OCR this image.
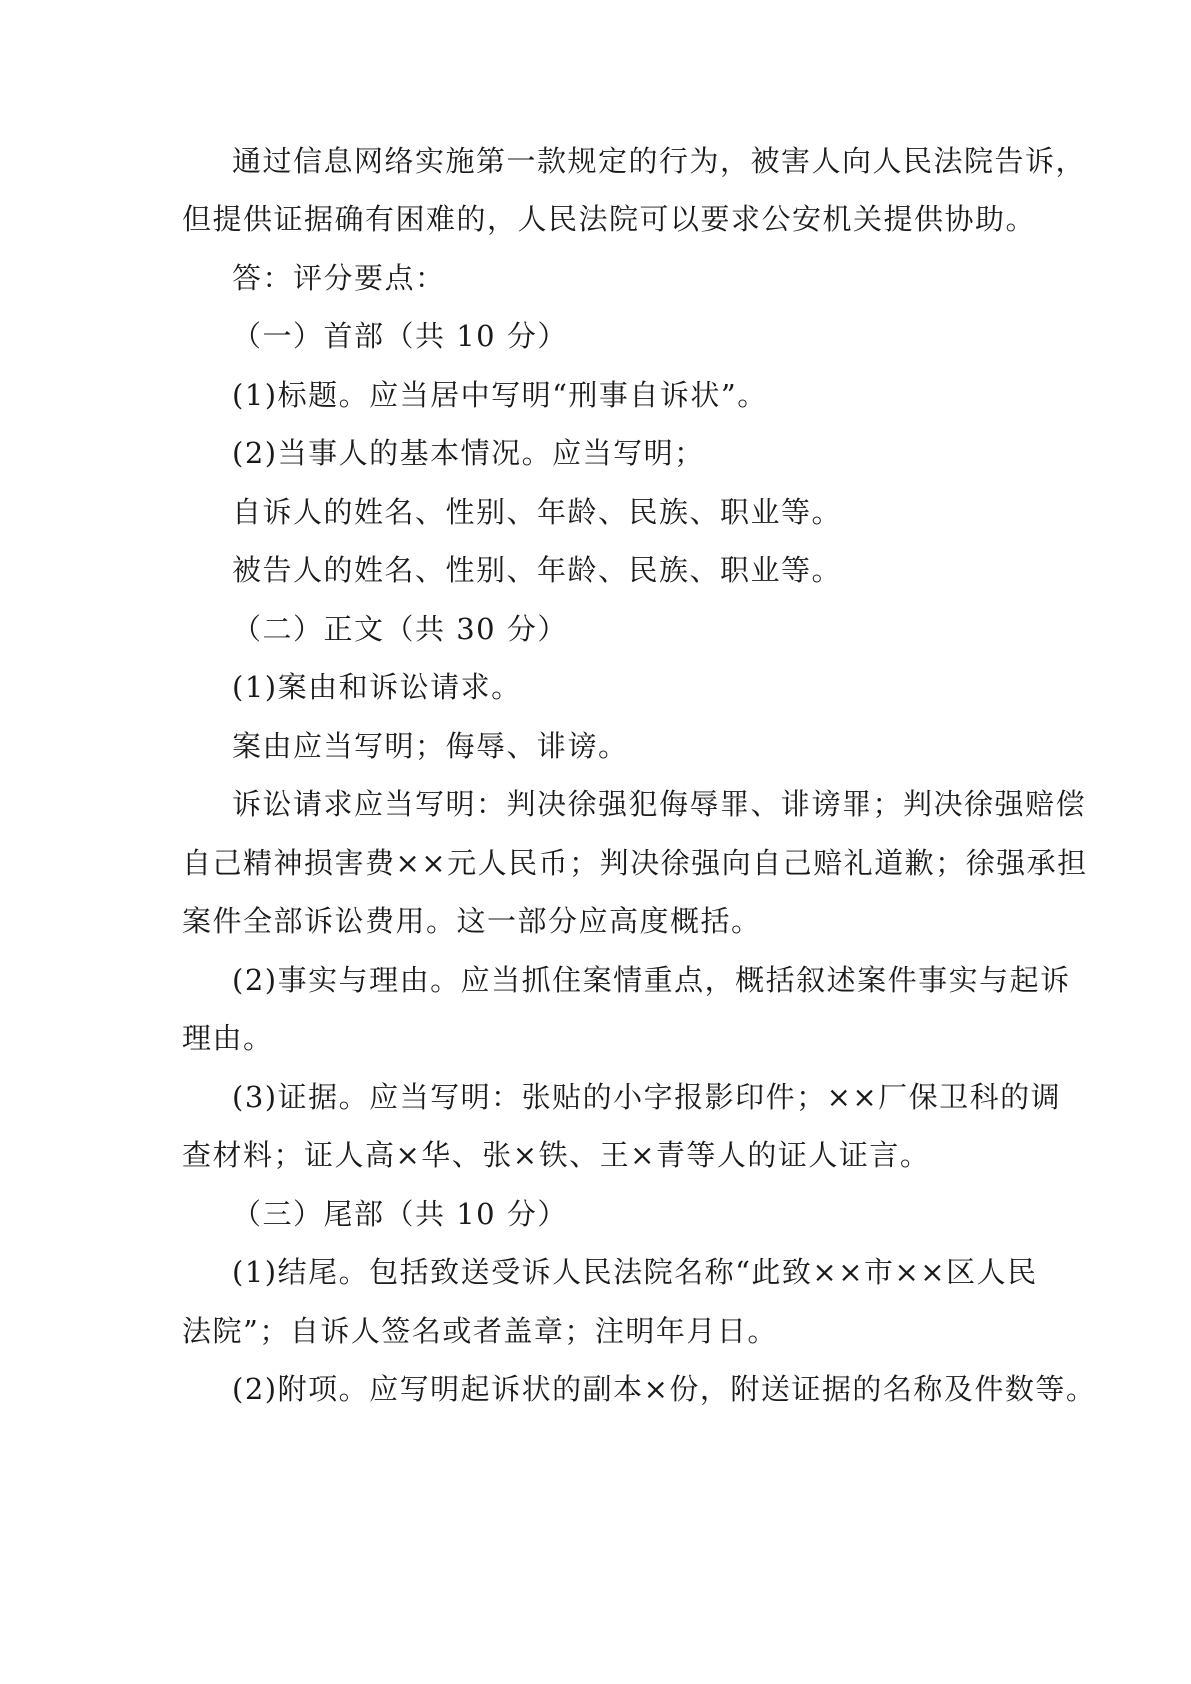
通过信息网络实施第一款规定的行为，被害人向人民法院告诉，
但提供证据确有困难的，人民法院可以要求公安机关提供协助。
答：评分要点：
（一）首部（共 10 分）
(1)标题。应当居中写明“刑事自诉状”。
(2)当事人的基本情况。应当写明；
自诉人的姓名、性别、年龄、民族、职业等。
被告人的姓名、性别、年龄、民族、职业等。
（二）正文（共 30 分）
(1)案由和诉讼请求。
案由应当写明；侮辱、诽谤。
诉讼请求应当写明：判决徐强犯侮辱罪、诽谤罪；判决徐强赔偿
自己精神损害费××元人民币；判决徐强向自己赔礼道歉；徐强承担
案件全部诉讼费用。这一部分应高度概括。
(2)事实与理由。应当抓住案情重点，概括叙述案件事实与起诉
理由。
(3)证据。应当写明：张贴的小字报影印件；××厂保卫科的调
查材料；证人高×华、张×铁、王×青等人的证人证言。
（三）尾部（共 10 分）
(1)结尾。包括致送受诉人民法院名称“此致××市××区人民
法院”；自诉人签名或者盖章；注明年月日。
(2)附项。应写明起诉状的副本×份，附送证据的名称及件数等。
